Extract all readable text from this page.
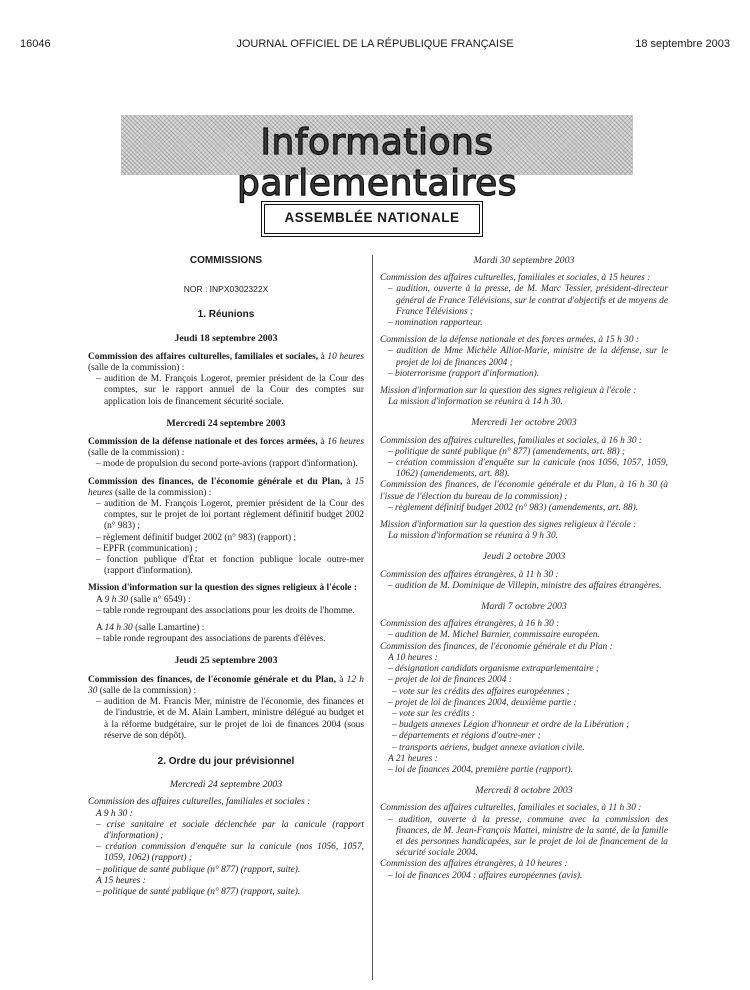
16046	JOURNAL OFFICIEL DE LA RÉPUBLIQUE FRANÇAISE	18 septembre 2003
Informations parlementaires
ASSEMBLÉE NATIONALE
COMMISSIONS
NOR : INPX0302322X
1. Réunions
Jeudi 18 septembre 2003

Commission des affaires culturelles, familiales et sociales, à 10 heures (salle de la commission) :

– audition de M. François Logerot, premier président de la Cour des comptes, sur le rapport annuel de la Cour des comptes sur application lois de financement sécurité sociale.

Mercredi 24 septembre 2003

Commission de la défense nationale et des forces armées, à 16 heures (salle de la commission) :

– mode de propulsion du second porte-avions (rapport d'information).

Commission des finances, de l'économie générale et du Plan, à 15 heures (salle de la commission) :

– audition de M. François Logerot, premier président de la Cour des comptes, sur le projet de loi portant règlement définitif budget 2002 (n° 983) ;

– règlement définitif budget 2002 (n° 983) (rapport) ;

– EPFR (communication) ;

– fonction publique d'État et fonction publique locale outre-mer (rapport d'information).

Mission d'information sur la question des signes religieux à l'école :

A 9 h 30 (salle n° 6549) :

– table ronde regroupant des associations pour les droits de l'homme.

A 14 h 30 (salle Lamartine) :

– table ronde regroupant des associations de parents d'élèves.

Jeudi 25 septembre 2003

Commission des finances, de l'économie générale et du Plan, à 12 h 30 (salle de la commission) :

– audition de M. Francis Mer, ministre de l'économie, des finances et de l'industrie, et de M. Alain Lambert, ministre délégué au budget et à la réforme budgétaire, sur le projet de loi de finances 2004 (sous réserve de son dépôt).

2. Ordre du jour prévisionnel
Mercredi 24 septembre 2003

Commission des affaires culturelles, familiales et sociales :

A 9 h 30 :

– crise sanitaire et sociale déclenchée par la canicule (rapport d'information) ;

– création commission d'enquête sur la canicule (nos 1056, 1057, 1059, 1062) (rapport) ;

– politique de santé publique (n° 877) (rapport, suite).

A 15 heures :

– politique de santé publique (n° 877) (rapport, suite).

Mardi 30 septembre 2003

Commission des affaires culturelles, familiales et sociales, à 15 heures :

– audition, ouverte à la presse, de M. Marc Tessier, président-directeur général de France Télévisions, sur le contrat d'objectifs et de moyens de France Télévisions ;

– nomination rapporteur.

Commission de la défense nationale et des forces armées, à 15 h 30 :

– audition de Mme Michèle Alliot-Marie, ministre de la défense, sur le projet de loi de finances 2004 ;

– bioterrorisme (rapport d'information).

Mission d'information sur la question des signes religieux à l'école :

La mission d'information se réunira à 14 h 30.

Mercredi 1er octobre 2003

Commission des affaires culturelles, familiales et sociales, à 16 h 30 :

– politique de santé publique (n° 877) (amendements, art. 88) ;

– création commission d'enquête sur la canicule (nos 1056, 1057, 1059, 1062) (amendements, art. 88).

Commission des finances, de l'économie générale et du Plan, à 16 h 30 (à l'issue de l'élection du bureau de la commission) :

– règlement définitif budget 2002 (n° 983) (amendements, art. 88).

Mission d'information sur la question des signes religieux à l'école :

La mission d'information se réunira à 9 h 30.

Jeudi 2 octobre 2003

Commission des affaires étrangères, à 11 h 30 :

– audition de M. Dominique de Villepin, ministre des affaires étrangères.

Mardi 7 octobre 2003

Commission des affaires étrangères, à 16 h 30 :

– audition de M. Michel Barnier, commissaire européen.

Commission des finances, de l'économie générale et du Plan :

A 10 heures :

– désignation candidats organisme extraparlementaire ;

– projet de loi de finances 2004 :

– vote sur les crédits des affaires européennes ;

– projet de loi de finances 2004, deuxième partie :

– vote sur les crédits :

– budgets annexes Légion d'honneur et ordre de la Libération ;

– départements et régions d'outre-mer ;

– transports aériens, budget annexe aviation civile.

A 21 heures :

– loi de finances 2004, première partie (rapport).

Mercredi 8 octobre 2003

Commission des affaires culturelles, familiales et sociales, à 11 h 30 :

– audition, ouverte à la presse, commune avec la commission des finances, de M. Jean-François Mattei, ministre de la santé, de la famille et des personnes handicapées, sur le projet de loi de financement de la sécurité sociale 2004.

Commission des affaires étrangères, à 10 heures :

– loi de finances 2004 : affaires européennes (avis).
